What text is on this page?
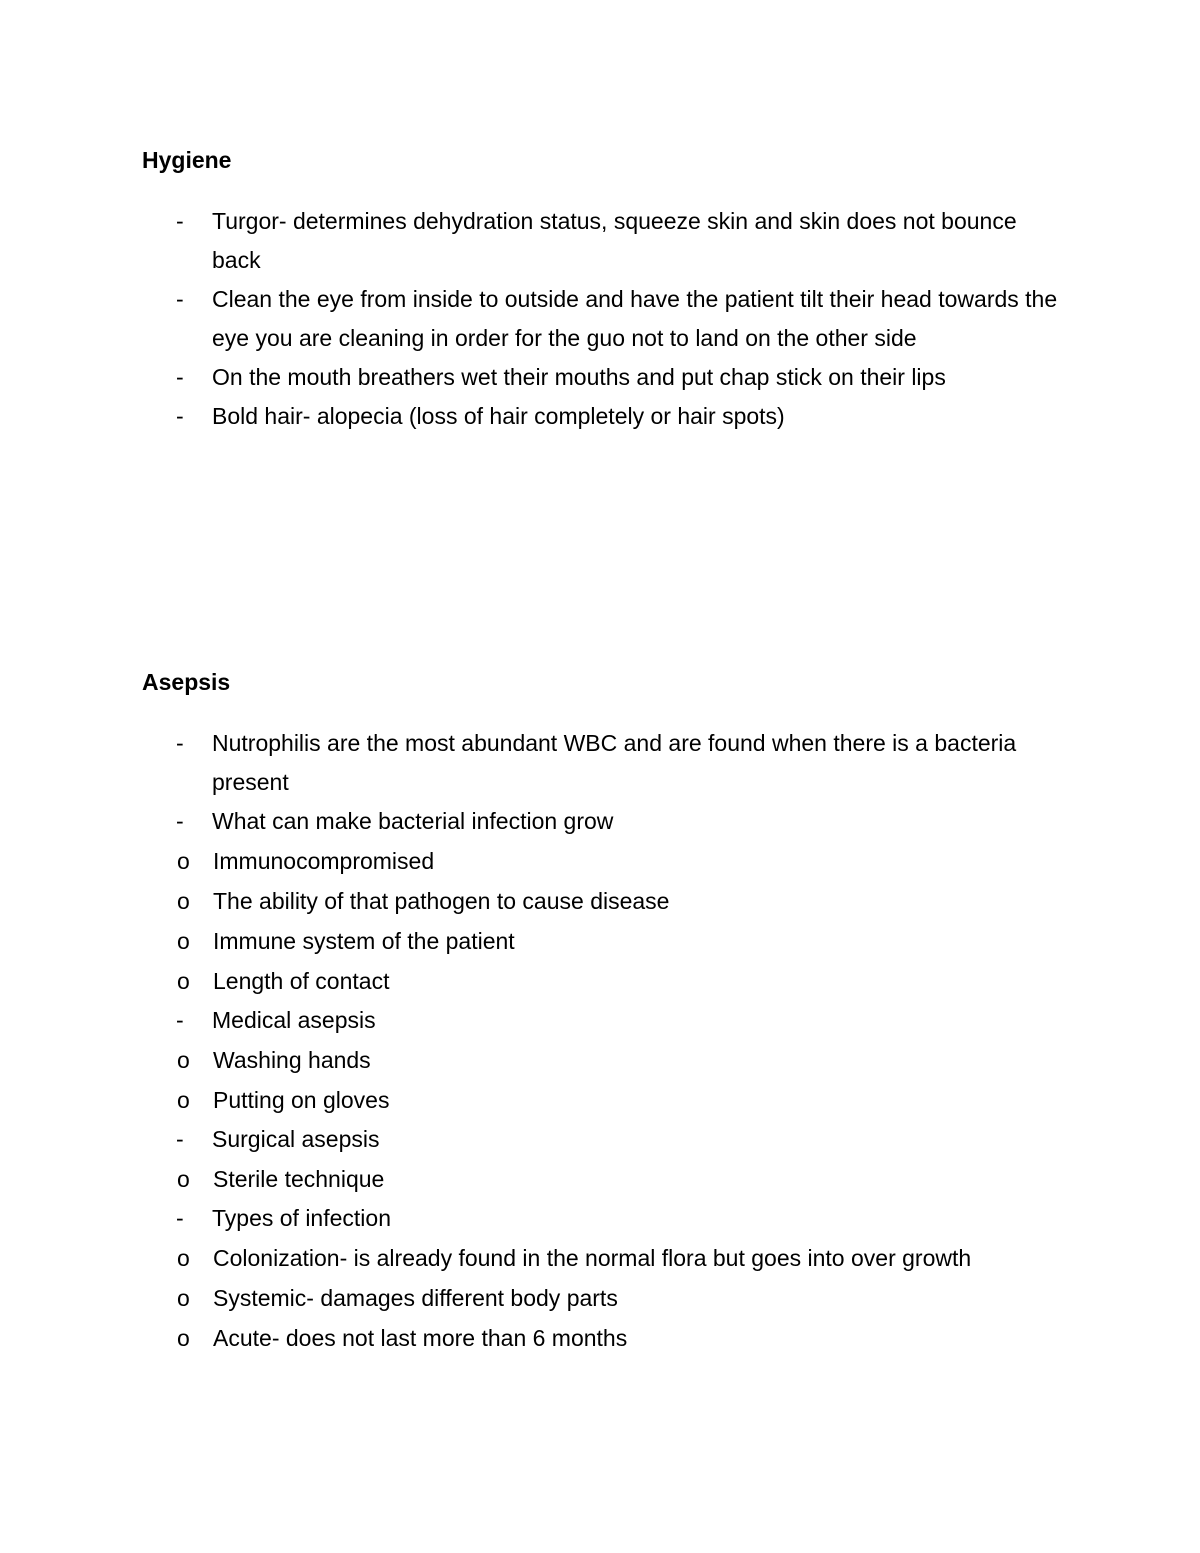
Hygiene

-	Turgor- determines dehydration status, squeeze skin and skin does not bounce back
-	Clean the eye from inside to outside and have the patient tilt their head towards the eye you are cleaning in order for the guo not to land on the other side
-	On the mouth breathers wet their mouths and put chap stick on their lips
-	Bold hair- alopecia (loss of hair completely or hair spots)

Asepsis

-	Nutrophilis are the most abundant WBC and are found when there is a bacteria present
-	What can make bacterial infection grow
o	Immunocompromised
o	The ability of that pathogen to cause disease
o	Immune system of the patient
o	Length of contact
-	Medical asepsis
o	Washing hands
o	Putting on gloves
-	Surgical asepsis
o	Sterile technique
-	Types of infection
o	Colonization- is already found in the normal flora but goes into over growth
o	Systemic- damages different body parts
o	Acute- does not last more than 6 months
